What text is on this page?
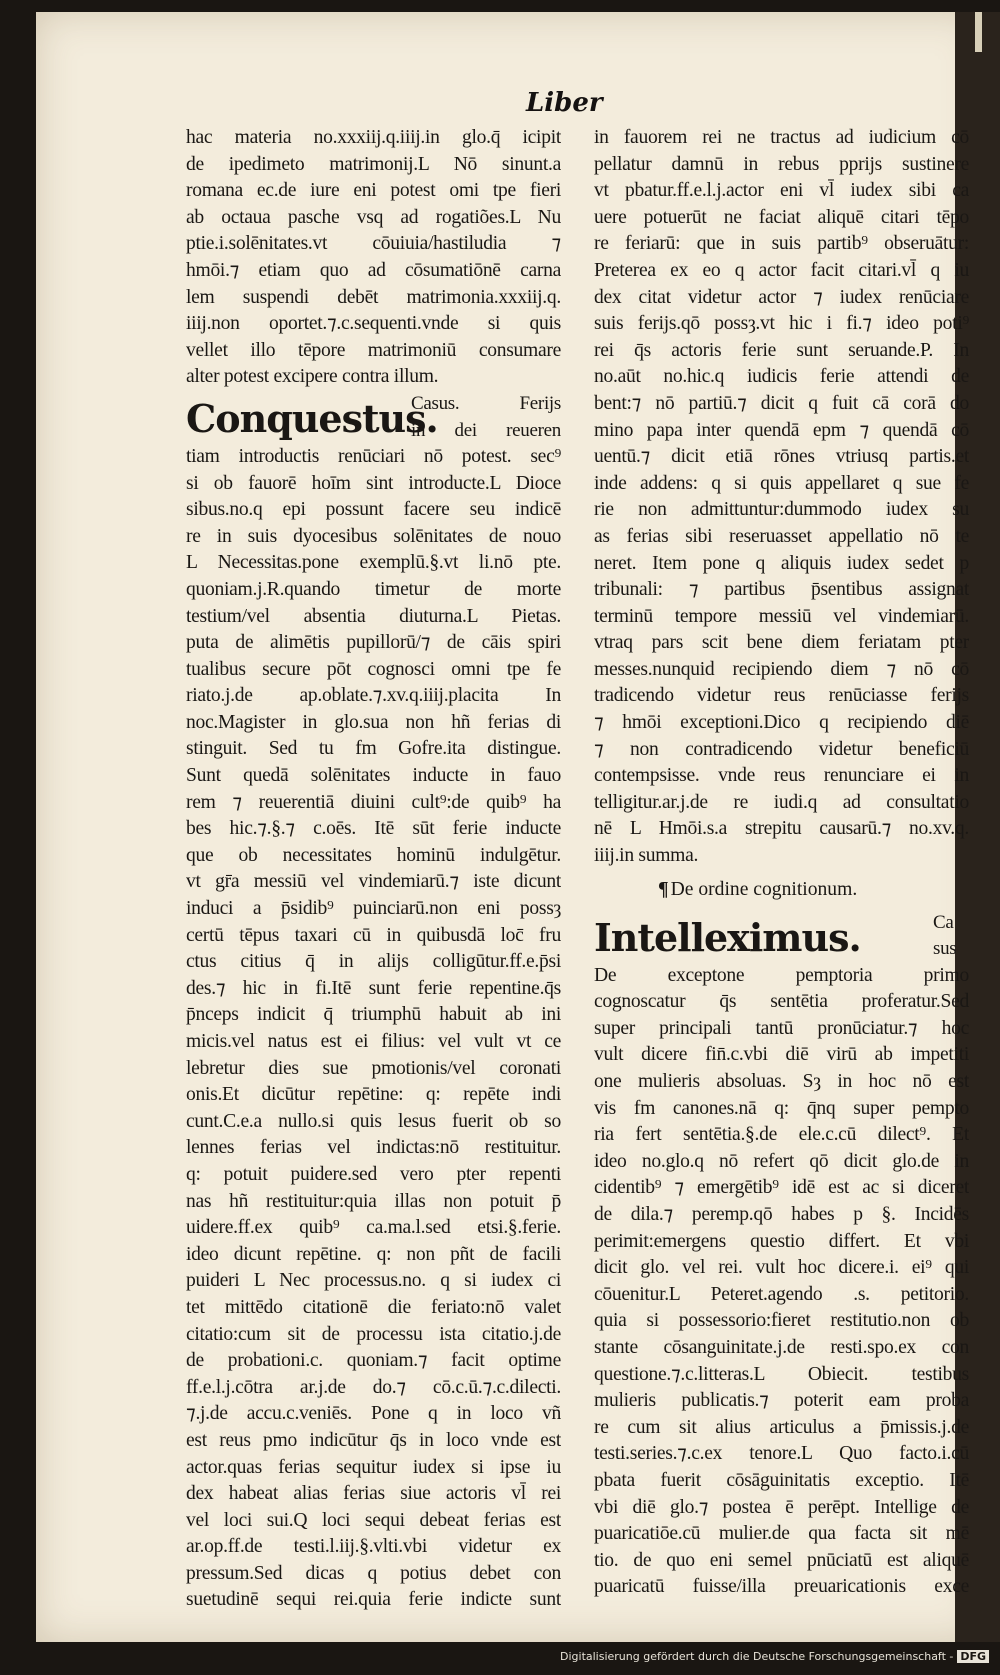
Liber
hac materia no.xxxiij.q.iiij.in glo.q̄ icipit
de ipedimeto matrimonij.L Nō sinunt.a
romana ec.de iure eni potest omi tpe fieri
ab octaua pasche vsq ad rogatiões.L Nu
ptie.i.solēnitates.vt cōuiuia/hastiludia ⁊
hmōi.⁊ etiam quo ad cōsumatiōnē carna
lem suspendi debēt matrimonia.xxxiij.q.
iiij.non oportet.⁊.c.sequenti.vnde si quis
vellet illo tēpore matrimoniū consumare
alter potest excipere contra illum.
Conquestus.
Casus. Ferijs
in dei reueren
tiam introductis renūciari nō potest. sec⁹
si ob fauorē hoīm sint introducte.L Dioce
sibus.no.q epi possunt facere seu indicē
re in suis dyocesibus solēnitates de nouo
L Necessitas.pone exemplū.§.vt li.nō pte.
quoniam.j.R.quando timetur de morte
testium/vel absentia diuturna.L Pietas.
puta de alimētis pupillorū/⁊ de cāis spiri
tualibus secure pōt cognosci omni tpe fe
riato.j.de ap.oblate.⁊.xv.q.iiij.placita In
noc.Magister in glo.sua non hñ ferias di
stinguit. Sed tu fm Gofre.ita distingue.
Sunt quedā solēnitates inducte in fauo
rem ⁊ reuerentiā diuini cult⁹:de quib⁹ ha
bes hic.⁊.§.⁊ c.oēs. Itē sūt ferie inducte
que ob necessitates hominū indulgētur.
vt gr̄a messiū vel vindemiarū.⁊ iste dicunt
induci a p̄sidib⁹ puinciarū.non eni possȝ
certū tēpus taxari cū in quibusdā loc̄ fru
ctus citius q̄ in alijs colligūtur.ff.e.p̄si
des.⁊ hic in fi.Itē sunt ferie repentine.q̄s
p̄nceps indicit q̄ triumphū habuit ab ini
micis.vel natus est ei filius: vel vult vt ce
lebretur dies sue pmotionis/vel coronati
onis.Et dicūtur repētine: q: repēte indi
cunt.C.e.a nullo.si quis lesus fuerit ob so
lennes ferias vel indictas:nō restituitur.
q: potuit puidere.sed vero pter repenti
nas hñ restituitur:quia illas non potuit p̄
uidere.ff.ex quib⁹ ca.ma.l.sed etsi.§.ferie.
ideo dicunt repētine. q: non pñt de facili
puideri L Nec processus.no. q si iudex ci
tet mittēdo citationē die feriato:nō valet
citatio:cum sit de processu ista citatio.j.de
de probationi.c. quoniam.⁊ facit optime
ff.e.l.j.cōtra ar.j.de do.⁊ cō.c.ū.⁊.c.dilecti.
⁊.j.de accu.c.veniēs. Pone q in loco vñ
est reus pmo indicūtur q̄s in loco vnde est
actor.quas ferias sequitur iudex si ipse iu
dex habeat alias ferias siue actoris vl̄ rei
vel loci sui.Q loci sequi debeat ferias est
ar.op.ff.de testi.l.iij.§.vlti.vbi videtur ex
pressum.Sed dicas q potius debet con
suetudinē sequi rei.quia ferie indicte sunt
in fauorem rei ne tractus ad iudicium cō
pellatur damnū in rebus pprijs sustinere
vt pbatur.ff.e.l.j.actor eni vl̄ iudex sibi ca
uere potuerūt ne faciat aliquē citari tēpo
re feriarū: que in suis partib⁹ obseruātur:
Preterea ex eo q actor facit citari.vl̄ q iu
dex citat videtur actor ⁊ iudex renūciare
suis ferijs.qō possȝ.vt hic i fi.⁊ ideo poti⁹
rei q̄s actoris ferie sunt seruande.P. In
no.aūt no.hic.q iudicis ferie attendi de
bent:⁊ nō partiū.⁊ dicit q fuit cā corā do
mino papa inter quendā epm ⁊ quendā cō
uentū.⁊ dicit etiā rōnes vtriusq partis.et
inde addens: q si quis appellaret q sue fe
rie non admittuntur:dummodo iudex su
as ferias sibi reseruasset appellatio nō te
neret. Item pone q aliquis iudex sedet p
tribunali: ⁊ partibus p̄sentibus assignat
terminū tempore messiū vel vindemiarū.
vtraq pars scit bene diem feriatam pter
messes.nunquid recipiendo diem ⁊ nō cō
tradicendo videtur reus renūciasse ferijs
⁊ hmōi exceptioni.Dico q recipiendo diē
⁊ non contradicendo videtur beneficiū
contempsisse. vnde reus renunciare ei in
telligitur.ar.j.de re iudi.q ad consultatio
nē L Hmōi.s.a strepitu causarū.⁊ no.xv.q.
iiij.in summa.
¶ De ordine cognitionum.
Intelleximus.	Ca
sus
De exceptone pemptoria primo
cognoscatur q̄s sentētia proferatur.Sed
super principali tantū pronūciatur.⁊ hoc
vult dicere fin̄.c.vbi diē virū ab impetiti
one mulieris absoluas. Sȝ in hoc nō est
vis fm canones.nā q: q̄nq super pempto
ria fert sentētia.§.de ele.c.cū dilect⁹. Et
ideo no.glo.q nō refert qō dicit glo.de in
cidentib⁹ ⁊ emergētib⁹ idē est ac si diceret
de dila.⁊ peremp.qō habes p §. Incidēs
perimit:emergens questio differt. Et vbi
dicit glo. vel rei. vult hoc dicere.i. ei⁹ qui
cōuenitur.L Peteret.agendo .s. petitorio.
quia si possessorio:fieret restitutio.non ob
stante cōsanguinitate.j.de resti.spo.ex con
questione.⁊.c.litteras.L Obiecit. testibus
mulieris publicatis.⁊ poterit eam proba
re cum sit alius articulus a p̄missis.j.de
testi.series.⁊.c.ex tenore.L Quo facto.i.cū
pbata fuerit cōsāguinitatis exceptio. Itē
vbi diē glo.⁊ postea ē perēpt. Intellige de
puaricatiōe.cū mulier.de qua facta sit mē
tio. de quo eni semel pnūciatū est aliquē
puaricatū fuisse/illa preuaricationis exce
Digitalisierung gefördert durch die Deutsche Forschungsgemeinschaft - DFG
